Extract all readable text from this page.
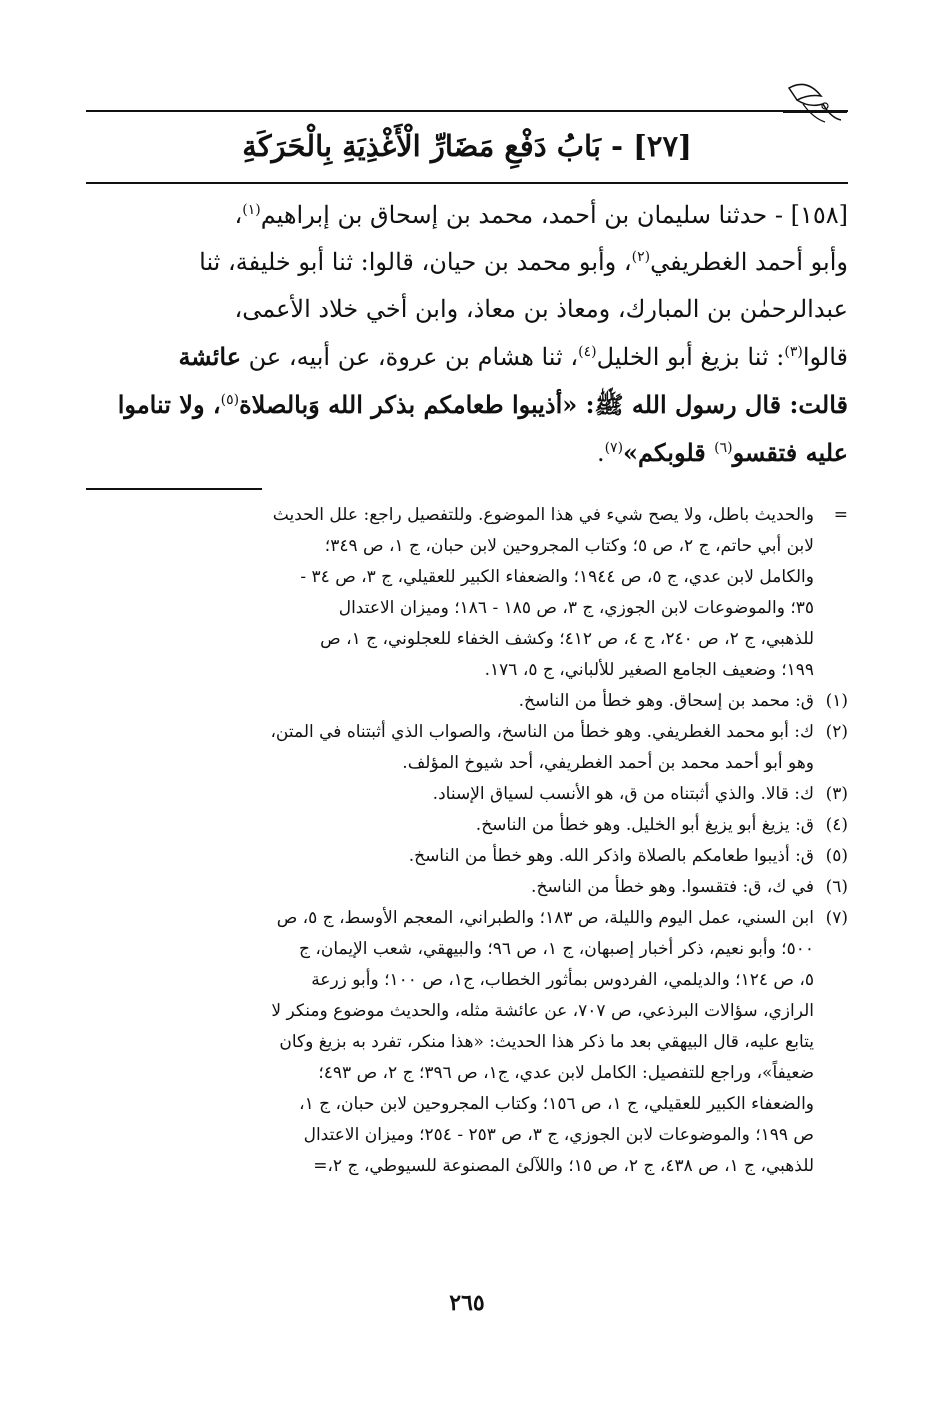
[٢٧] - بَابُ دَفْعِ مَضَارِّ الْأَغْذِيَةِ بِالْحَرَكَةِ
[١٥٨] - حدثنا سليمان بن أحمد، محمد بن إسحاق بن إبراهيم$^{(١)}$،
وأبو أحمد الغطريفي$^{(٢)}$، وأبو محمد بن حيان، قالوا: ثنا أبو خليفة، ثنا
عبدالرحمٰن بن المبارك، ومعاذ بن معاذ، وابن أخي خلاد الأعمى،
قالوا$^{(٣)}$: ثنا بزيغ أبو الخليل$^{(٤)}$، ثنا هشام بن عروة، عن أبيه، عن عائشة
قالت: قال رسول الله ﷺ: «أذيبوا طعامكم بذكر الله وَبالصلاة$^{(٥)}$، ولا تناموا
عليه فتقسو$^{(٦)}$ قلوبكم»$^{(٧)}$.
=
والحديث باطل، ولا يصح شيء في هذا الموضوع. وللتفصيل راجع: علل الحديث
لابن أبي حاتم، ج ٢، ص ٥؛ وكتاب المجروحين لابن حبان، ج ١، ص ٣٤٩؛
والكامل لابن عدي، ج ٥، ص ١٩٤٤؛ والضعفاء الكبير للعقيلي، ج ٣، ص ٣٤ -
٣٥؛ والموضوعات لابن الجوزي، ج ٣، ص ١٨٥ - ١٨٦؛ وميزان الاعتدال
للذهبي، ج ٢، ص ٢٤٠، ج ٤، ص ٤١٢؛ وكشف الخفاء للعجلوني، ج ١، ص
١٩٩؛ وضعيف الجامع الصغير للألباني، ج ٥، ١٧٦.
(١)
ق: محمد بن إسحاق. وهو خطأ من الناسخ.
(٢)
ك: أبو محمد الغطريفي. وهو خطأ من الناسخ، والصواب الذي أثبتناه في المتن،
وهو أبو أحمد محمد بن أحمد الغطريفي، أحد شيوخ المؤلف.
(٣)
ك: قالا. والذي أثبتناه من ق، هو الأنسب لسياق الإسناد.
(٤)
ق: يزيغ أبو يزيغ أبو الخليل. وهو خطأ من الناسخ.
(٥)
ق: أذيبوا طعامكم بالصلاة واذكر الله. وهو خطأ من الناسخ.
(٦)
في ك، ق: فتقسوا. وهو خطأ من الناسخ.
(٧)
ابن السني، عمل اليوم والليلة، ص ١٨٣؛ والطبراني، المعجم الأوسط، ج ٥، ص
٥٠٠؛ وأبو نعيم، ذكر أخبار إصبهان، ج ١، ص ٩٦؛ والبيهقي، شعب الإيمان، ج
٥، ص ١٢٤؛ والديلمي، الفردوس بمأثور الخطاب، ج١، ص ١٠٠؛ وأبو زرعة
الرازي، سؤالات البرذعي، ص ٧٠٧، عن عائشة مثله، والحديث موضوع ومنكر لا
يتابع عليه، قال البيهقي بعد ما ذكر هذا الحديث: «هذا منكر، تفرد به بزيغ وكان
ضعيفاً»، وراجع للتفصيل: الكامل لابن عدي، ج١، ص ٣٩٦؛ ج ٢، ص ٤٩٣؛
والضعفاء الكبير للعقيلي، ج ١، ص ١٥٦؛ وكتاب المجروحين لابن حبان، ج ١،
ص ١٩٩؛ والموضوعات لابن الجوزي، ج ٣، ص ٢٥٣ - ٢٥٤؛ وميزان الاعتدال
للذهبي، ج ١، ص ٤٣٨، ج ٢، ص ١٥؛ واللآلئ المصنوعة للسيوطي، ج ٢،=
٢٦٥
